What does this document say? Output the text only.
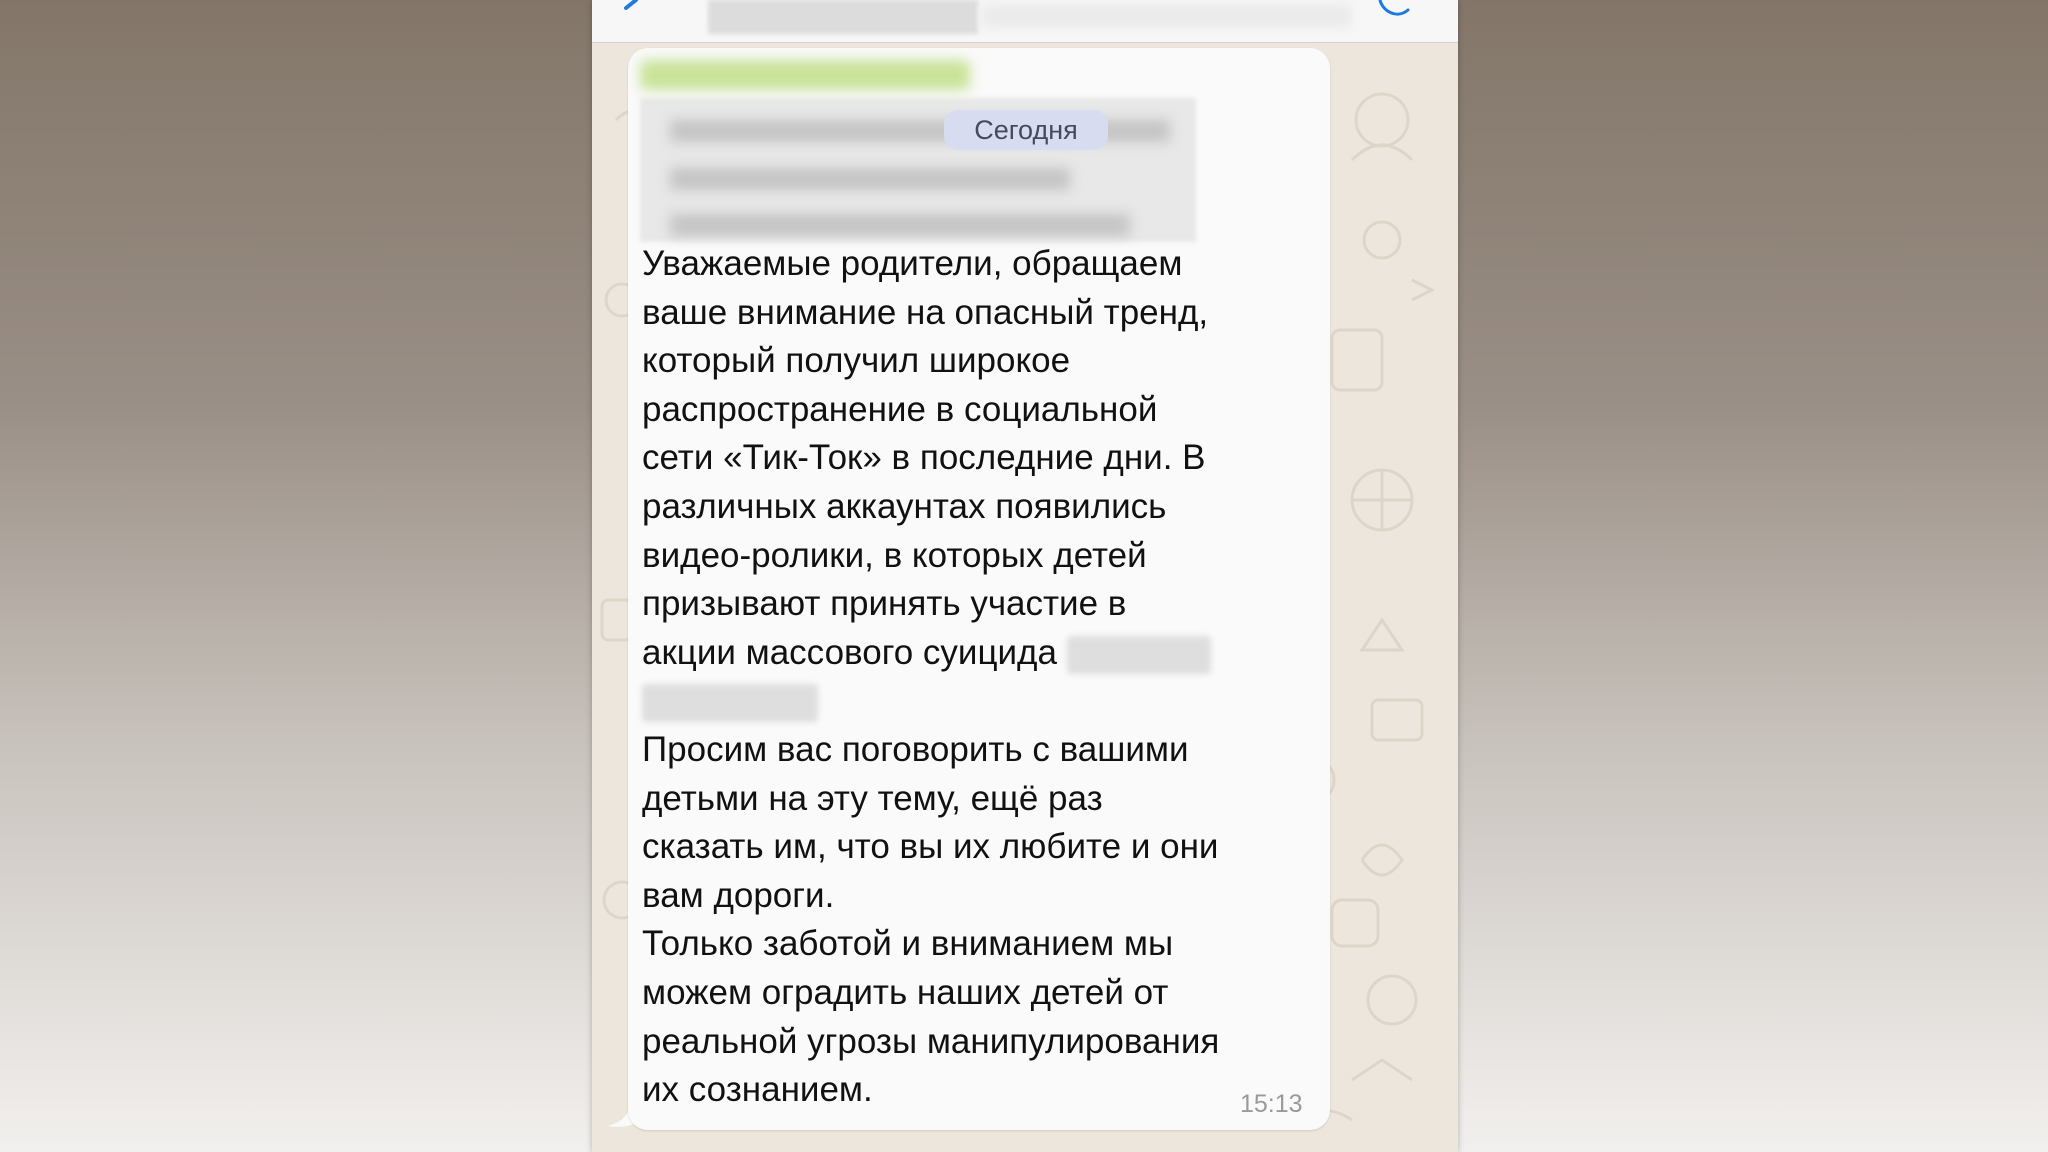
Сегодня
Уважаемые родители, обращаем
ваше внимание на опасный тренд,
который получил широкое
распространение в социальной
сети «Тик-Ток» в последние дни. В
различных аккаунтах появились
видео-ролики, в которых детей
призывают принять участие в
акции массового суицида

Просим вас поговорить с вашими
детьми на эту тему, ещё раз
сказать им, что вы их любите и они
вам дороги.
Только заботой и вниманием мы
можем оградить наших детей от
реальной угрозы манипулирования
их сознанием.	15:13
